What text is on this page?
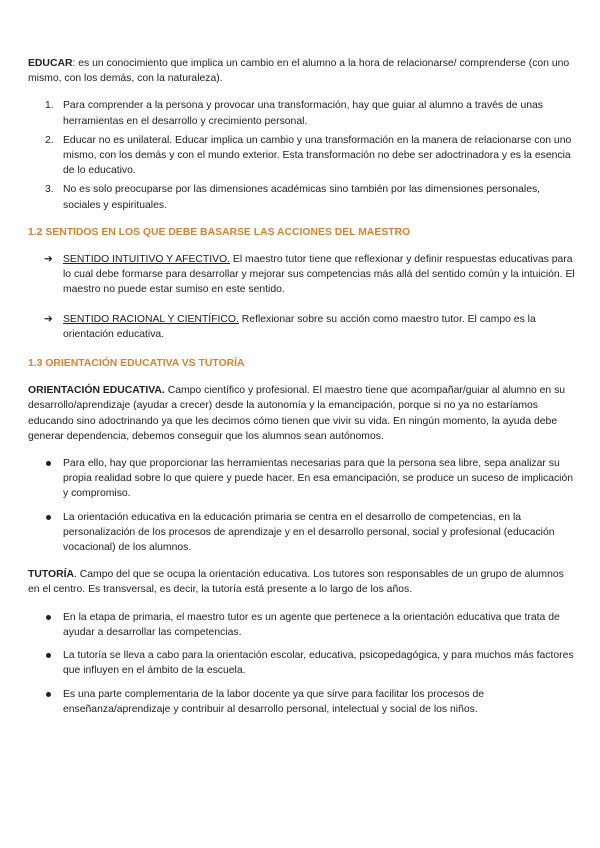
EDUCAR: es un conocimiento que implica un cambio en el alumno a la hora de relacionarse/ comprenderse (con uno mismo, con los demás, con la naturaleza).

1. Para comprender a la persona y provocar una transformación, hay que guiar al alumno a través de unas herramientas en el desarrollo y crecimiento personal.
2. Educar no es unilateral. Educar implica un cambio y una transformación en la manera de relacionarse con uno mismo, con los demás y con el mundo exterior. Esta transformación no debe ser adoctrinadora y es la esencia de lo educativo.
3. No es solo preocuparse por las dimensiones académicas sino también por las dimensiones personales, sociales y espirituales.

1.2 SENTIDOS EN LOS QUE DEBE BASARSE LAS ACCIONES DEL MAESTRO

➔ SENTIDO INTUITIVO Y AFECTIVO. El maestro tutor tiene que reflexionar y definir respuestas educativas para lo cual debe formarse para desarrollar y mejorar sus competencias más allá del sentido común y la intuición. El maestro no puede estar sumiso en este sentido.
➔ SENTIDO RACIONAL Y CIENTÍFICO. Reflexionar sobre su acción como maestro tutor. El campo es la orientación educativa.

1.3 ORIENTACIÓN EDUCATIVA VS TUTORÍA

ORIENTACIÓN EDUCATIVA. Campo científico y profesional. El maestro tiene que acompañar/guiar al alumno en su desarrollo/aprendizaje (ayudar a crecer) desde la autonomía y la emancipación, porque si no ya no estaríamos educando sino adoctrinando ya que les decimos cómo tienen que vivir su vida. En ningún momento, la ayuda debe generar dependencia, debemos conseguir que los alumnos sean autónomos.

Para ello, hay que proporcionar las herramientas necesarias para que la persona sea libre, sepa analizar su propia realidad sobre lo que quiere y puede hacer. En esa emancipación, se produce un suceso de implicación y compromiso.
La orientación educativa en la educación primaria se centra en el desarrollo de competencias, en la personalización de los procesos de aprendizaje y en el desarrollo personal, social y profesional (educación vocacional) de los alumnos.

TUTORÍA. Campo del que se ocupa la orientación educativa. Los tutores son responsables de un grupo de alumnos en el centro. Es transversal, es decir, la tutoría está presente a lo largo de los años.

En la etapa de primaria, el maestro tutor es un agente que pertenece a la orientación educativa que trata de ayudar a desarrollar las competencias.
La tutoría se lleva a cabo para la orientación escolar, educativa, psicopedagógica, y para muchos más factores que influyen en el ámbito de la escuela.
Es una parte complementaria de la labor docente ya que sirve para facilitar los procesos de enseñanza/aprendizaje y contribuir al desarrollo personal, intelectual y social de los niños.
